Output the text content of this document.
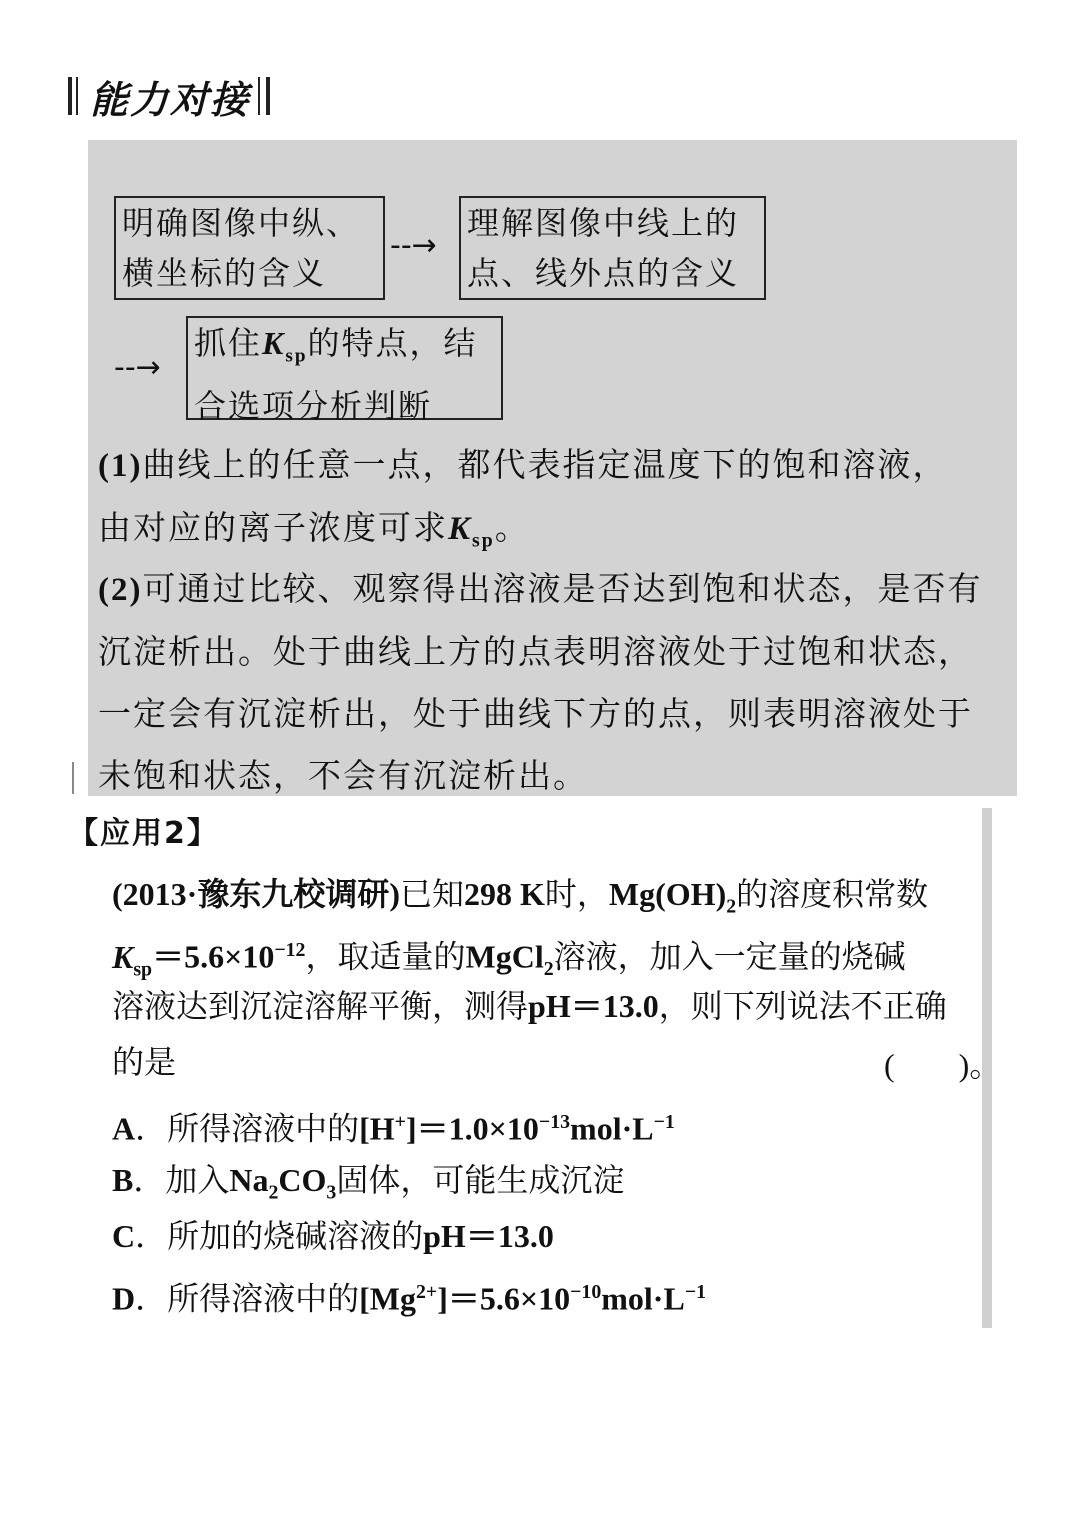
能力对接
明确图像中纵、
横坐标的含义
--→
理解图像中线上的
点、线外点的含义
--→
抓住$K_{sp}$的特点，结
合选项分析判断
(1)曲线上的任意一点，都代表指定温度下的饱和溶液，
由对应的离子浓度可求$K_{sp}$。
(2)可通过比较、观察得出溶液是否达到饱和状态，是否有沉淀析出。处于曲线上方的点表明溶液处于过饱和状态，一定会有沉淀析出，处于曲线下方的点，则表明溶液处于未饱和状态，不会有沉淀析出。
【应用2】
(2013·豫东九校调研)已知298 K时，$Mg(OH)_2$的溶度积常数
$K_{sp}=5.6\times 10^{-12}$，取适量的MgCl$_2$溶液，加入一定量的烧碱
溶液达到沉淀溶解平衡，测得pH＝13.0，则下列说法不正确
的是	(　　)。
A．所得溶液中的$[H^+]=1.0\times 10^{-13}mol\cdot L^{-1}$
B．加入$Na_2CO_3$固体，可能生成沉淀
C．所加的烧碱溶液的pH＝13.0
D．所得溶液中的$[Mg^{2+}]=5.6\times 10^{-10}mol\cdot L^{-1}$
